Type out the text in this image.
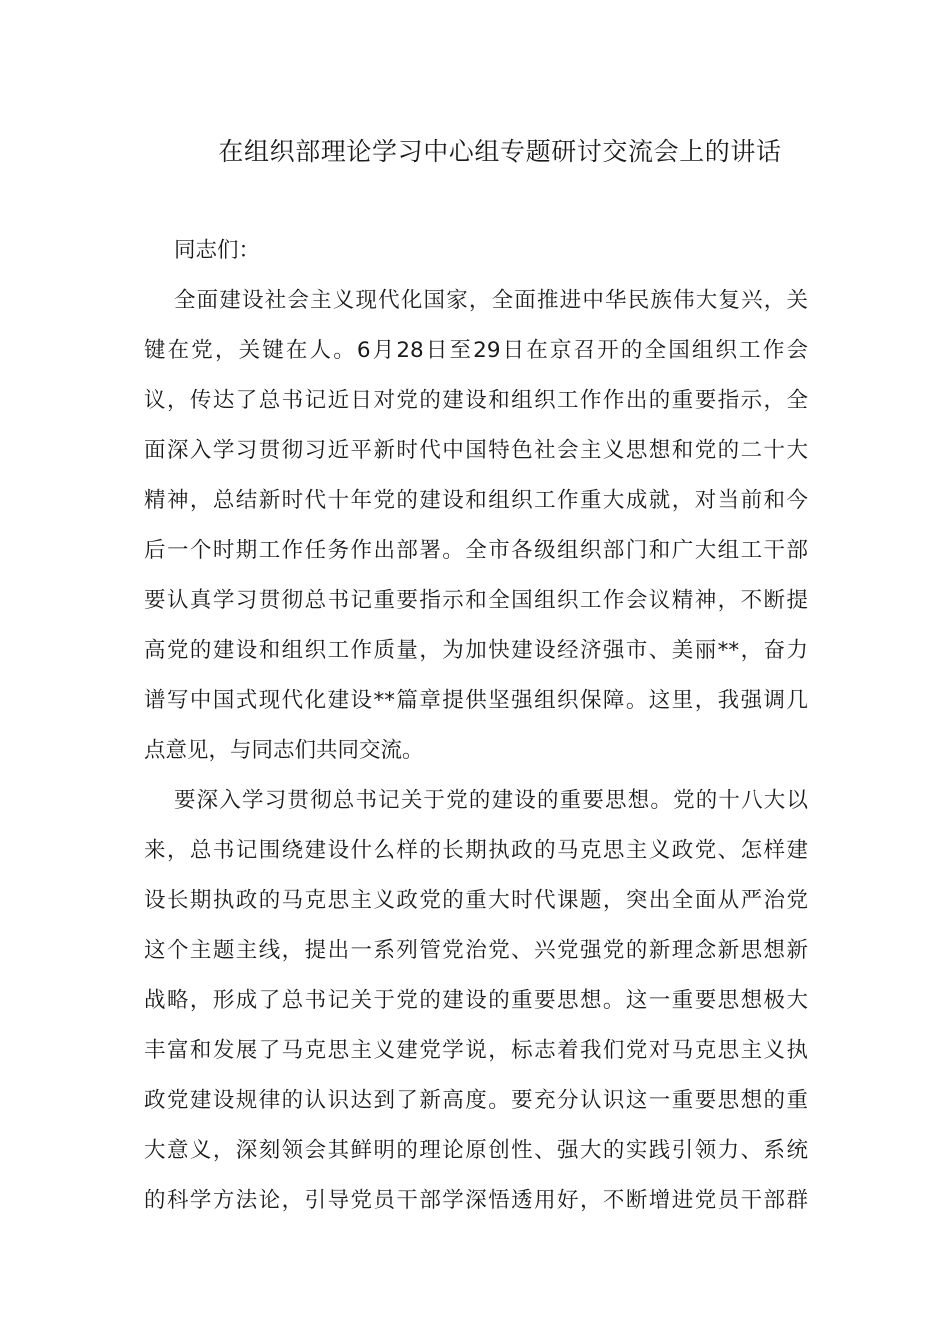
在组织部理论学习中心组专题研讨交流会上的讲话
同志们：
全面建设社会主义现代化国家，全面推进中华民族伟大复兴，关
键在党，关键在人。6月28日至29日在京召开的全国组织工作会
议，传达了总书记近日对党的建设和组织工作作出的重要指示，全
面深入学习贯彻习近平新时代中国特色社会主义思想和党的二十大
精神，总结新时代十年党的建设和组织工作重大成就，对当前和今
后一个时期工作任务作出部署。全市各级组织部门和广大组工干部
要认真学习贯彻总书记重要指示和全国组织工作会议精神，不断提
高党的建设和组织工作质量，为加快建设经济强市、美丽**，奋力
谱写中国式现代化建设**篇章提供坚强组织保障。这里，我强调几
点意见，与同志们共同交流。
要深入学习贯彻总书记关于党的建设的重要思想。党的十八大以
来，总书记围绕建设什么样的长期执政的马克思主义政党、怎样建
设长期执政的马克思主义政党的重大时代课题，突出全面从严治党
这个主题主线，提出一系列管党治党、兴党强党的新理念新思想新
战略，形成了总书记关于党的建设的重要思想。这一重要思想极大
丰富和发展了马克思主义建党学说，标志着我们党对马克思主义执
政党建设规律的认识达到了新高度。要充分认识这一重要思想的重
大意义，深刻领会其鲜明的理论原创性、强大的实践引领力、系统
的科学方法论，引导党员干部学深悟透用好，不断增进党员干部群
